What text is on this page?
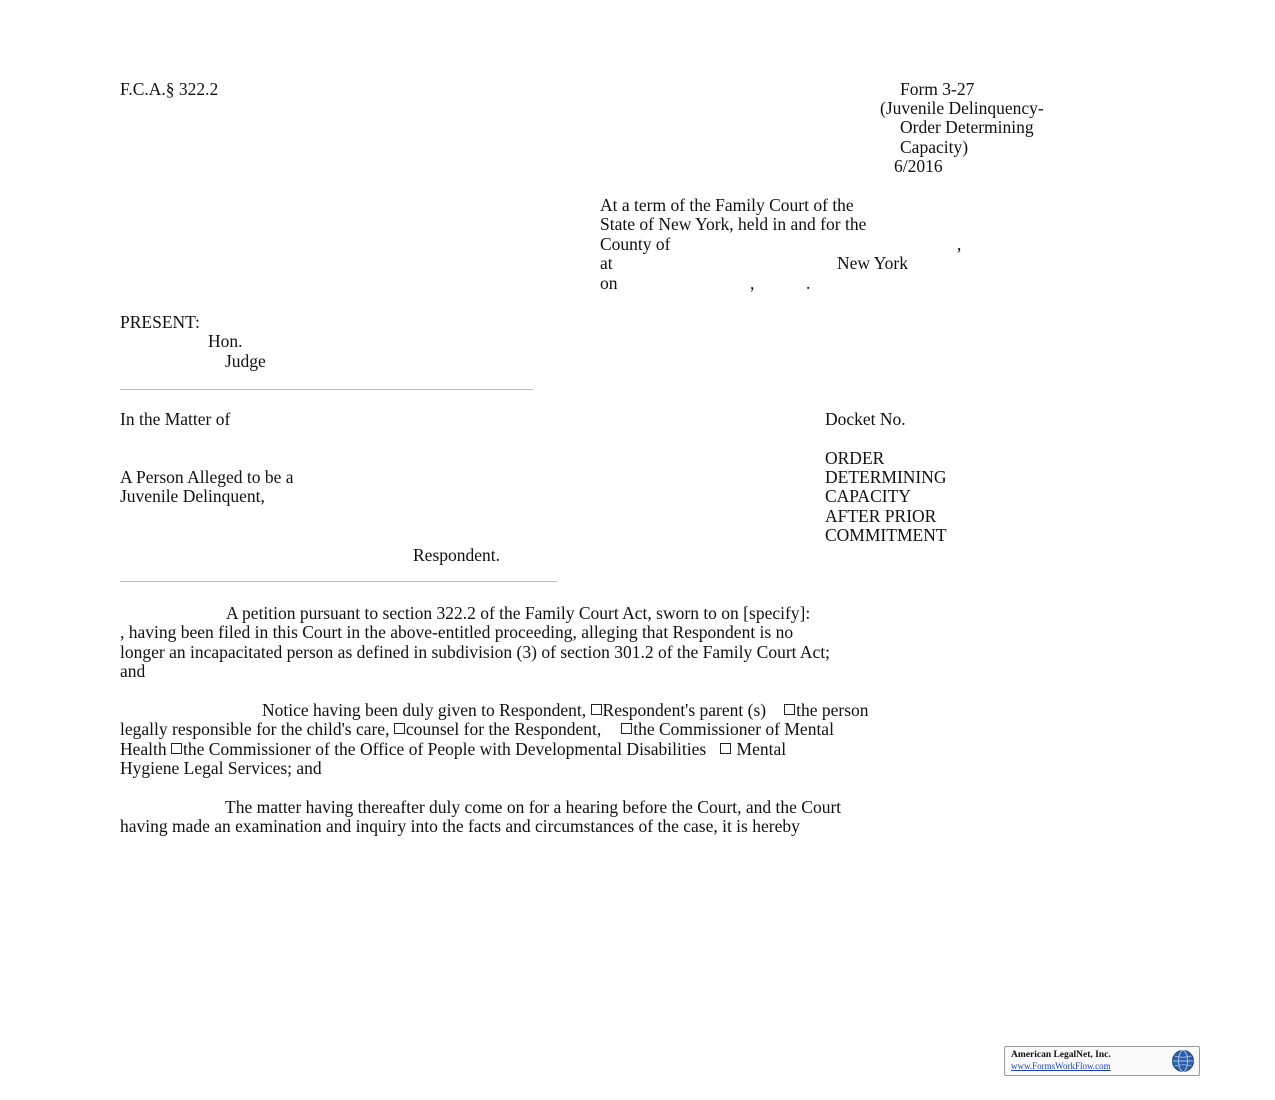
F.C.A.§ 322.2	Form 3-27
(Juvenile Delinquency-
Order Determining
Capacity)
6/2016
At a term of the Family Court of the
State of New York, held in and for the
County of	,
at	New York
on	,	.
PRESENT:
Hon.
Judge
In the Matter of
A Person Alleged to be a
Juvenile Delinquent,
Respondent.
Docket No.
ORDER
DETERMINING
CAPACITY
AFTER PRIOR
COMMITMENT
A petition pursuant to section 322.2 of the Family Court Act, sworn to on [specify]:
, having been filed in this Court in the above-entitled proceeding, alleging that Respondent is no
longer an incapacitated person as defined in subdivision (3) of section 301.2 of the Family Court Act;
and
Notice having been duly given to Respondent, Respondent's parent (s) the person
legally responsible for the child's care, counsel for the Respondent, the Commissioner of Mental
Health the Commissioner of the Office of People with Developmental Disabilities Mental
Hygiene Legal Services; and
The matter having thereafter duly come on for a hearing before the Court, and the Court
having made an examination and inquiry into the facts and circumstances of the case, it is hereby
American LegalNet, Inc.
www.FormsWorkFlow.com
